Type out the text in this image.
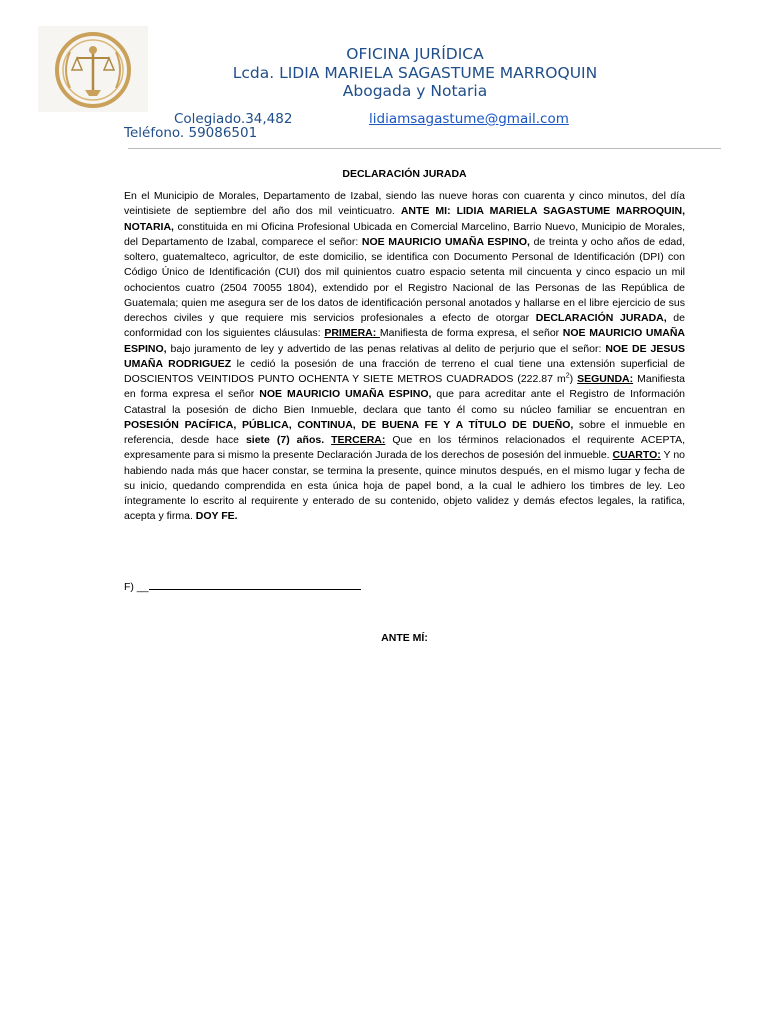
OFICINA JURÍDICA
Lcda. LIDIA MARIELA SAGASTUME MARROQUIN
Abogada y Notaria
Colegiado.34,482	lidiamsagastume@gmail.com
Teléfono. 59086501
DECLARACIÓN JURADA
En el Municipio de Morales, Departamento de Izabal, siendo las nueve horas con cuarenta y cinco minutos, del día veintisiete de septiembre del año dos mil veinticuatro. ANTE MI: LIDIA MARIELA SAGASTUME MARROQUIN, NOTARIA, constituida en mi Oficina Profesional Ubicada en Comercial Marcelino, Barrio Nuevo, Municipio de Morales, del Departamento de Izabal, comparece el señor: NOE MAURICIO UMAÑA ESPINO, de treinta y ocho años de edad, soltero, guatemalteco, agricultor, de este domicilio, se identifica con Documento Personal de Identificación (DPI) con Código Único de Identificación (CUI) dos mil quinientos cuatro espacio setenta mil cincuenta y cinco espacio un mil ochocientos cuatro (2504 70055 1804), extendido por el Registro Nacional de las Personas de las República de Guatemala; quien me asegura ser de los datos de identificación personal anotados y hallarse en el libre ejercicio de sus derechos civiles y que requiere mis servicios profesionales a efecto de otorgar DECLARACIÓN JURADA, de conformidad con los siguientes cláusulas: PRIMERA: Manifiesta de forma expresa, el señor NOE MAURICIO UMAÑA ESPINO, bajo juramento de ley y advertido de las penas relativas al delito de perjurio que el señor: NOE DE JESUS UMAÑA RODRIGUEZ le cedió la posesión de una fracción de terreno el cual tiene una extensión superficial de DOSCIENTOS VEINTIDOS PUNTO OCHENTA Y SIETE METROS CUADRADOS (222.87 $m^2$) SEGUNDA: Manifiesta en forma expresa el señor NOE MAURICIO UMAÑA ESPINO, que para acreditar ante el Registro de Información Catastral la posesión de dicho Bien Inmueble, declara que tanto él como su núcleo familiar se encuentran en POSESIÓN PACÍFICA, PÚBLICA, CONTINUA, DE BUENA FE Y A TÍTULO DE DUEÑO, sobre el inmueble en referencia, desde hace siete (7) años. TERCERA: Que en los términos relacionados el requirente ACEPTA, expresamente para si mismo la presente Declaración Jurada de los derechos de posesión del inmueble. CUARTO: Y no habiendo nada más que hacer constar, se termina la presente, quince minutos después, en el mismo lugar y fecha de su inicio, quedando comprendida en esta única hoja de papel bond, a la cual le adhiero los timbres de ley. Leo íntegramente lo escrito al requirente y enterado de su contenido, objeto validez y demás efectos legales, la ratifica, acepta y firma. DOY FE.
F) __
ANTE MÍ:
